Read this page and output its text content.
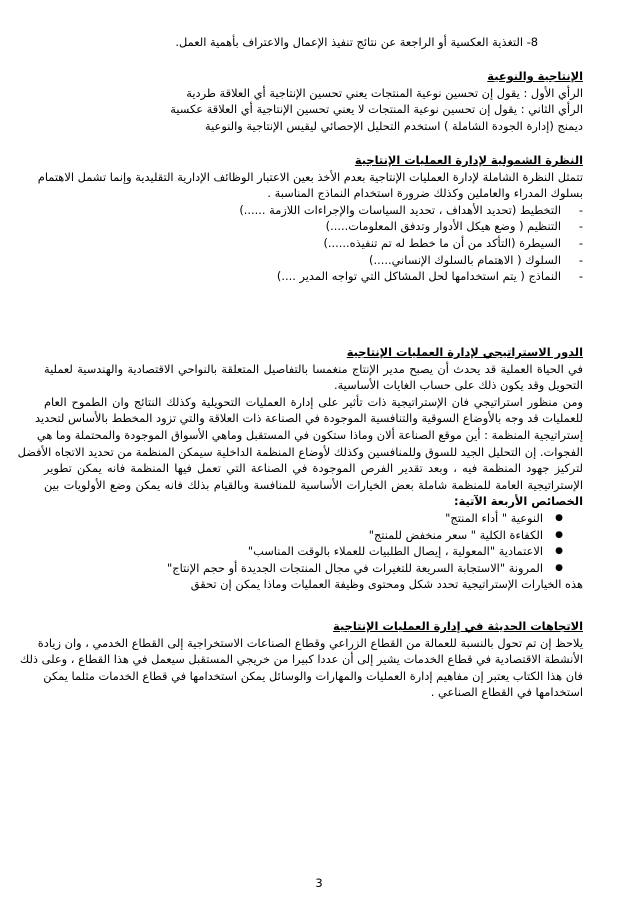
8- التغذية العكسية أو الراجعة عن نتائج تنفيذ الإعمال والاعتراف بأهمية العمل.
الإنتاجية والنوعية
الرأي الأول : يقول إن تحسين نوعية المنتجات يعني تحسين الإنتاجية أي العلاقة طردية
الرأي الثاني : يقول إن تحسين نوعية المنتجات لا يعني تحسين الإنتاجية أي العلاقة عكسية
ديمنج (إدارة الجودة الشاملة ) استخدم التحليل الإحصائي ليقيس الإنتاجية والنوعية
النظرة الشمولية لإدارة العمليات الإنتاجية
تتمثل النظرة الشاملة لإدارة العمليات الإنتاجية بعدم الأخذ بعين الاعتبار الوظائف الإدارية التقليدية وإنما تشمل الاهتمام
بسلوك المدراء والعاملين وكذلك ضرورة استخدام النماذج المناسبة .
- التخطيط (تحديد الأهداف ، تحديد السياسات والإجراءات اللازمة ......)
- التنظيم ( وضع هيكل الأدوار وتدفق المعلومات.....)
- السيطرة (التأكد من أن ما خطط له تم تنفيذه......)
- السلوك ( الاهتمام بالسلوك الإنساني.....)
- النماذج ( يتم استخدامها لحل المشاكل التي تواجه المدير ....)
الدور الاستراتيجي لإدارة العمليات الإنتاجية
في الحياة العملية قد يحدث أن يصبح مدير الإنتاج منغمسا بالتفاصيل المتعلقة بالنواحي الاقتصادية والهندسية لعملية
التحويل وقد يكون ذلك على حساب الغايات الأساسية.
ومن منظور استراتيجي فان الإستراتيجية ذات تأثير على إدارة العمليات التحويلية وكذلك النتائج وان الطموح العام
للعمليات قد وجه بالأوضاع السوقية والتنافسية الموجودة في الصناعة ذات العلاقة والتي تزود المخطط بالأساس لتحديد
إستراتيجية المنظمة : أين موقع الصناعة ألان وماذا ستكون في المستقبل وماهي الأسواق الموجودة والمحتملة وما هي
الفجوات. إن التحليل الجيد للسوق وللمنافسين وكذلك لأوضاع المنظمة الداخلية سيمكن المنظمة من تحديد الاتجاه الأفضل
لتركيز جهود المنظمة فيه ، وبعد تقدير الفرص الموجودة في الصناعة التي تعمل فيها المنظمة فانه يمكن تطوير
الإستراتيجية العامة للمنظمة شاملة بعض الخيارات الأساسية للمنافسة وبالقيام بذلك فانه يمكن وضع الأولويات بين
الخصائص الأربعة الآتية:
● النوعية " أداء المنتج"
● الكفاءة الكلية " سعر منخفض للمنتج"
● الاعتمادية "المعولية ، إيصال الطلبيات للعملاء بالوقت المناسب"
● المرونة "الاستجابة السريعة للتغيرات في مجال المنتجات الجديدة أو حجم الإنتاج"
هذه الخيارات الإستراتيجية تحدد شكل ومحتوى وظيفة العمليات وماذا يمكن إن تحقق
الاتجاهات الحديثة في إدارة العمليات الإنتاجية
يلاحظ إن تم تحول بالنسبة للعمالة من القطاع الزراعي وقطاع الصناعات الاستخراجية إلى القطاع الخدمي ، وان زيادة
الأنشطة الاقتصادية في قطاع الخدمات يشير إلى أن عددا كبيرا من خريجي المستقبل سيعمل في هذا القطاع ، وعلى ذلك
فان هذا الكتاب يعتبر إن مفاهيم إدارة العمليات والمهارات والوسائل يمكن استخدامها في قطاع الخدمات مثلما يمكن
استخدامها في القطاع الصناعي .
3
